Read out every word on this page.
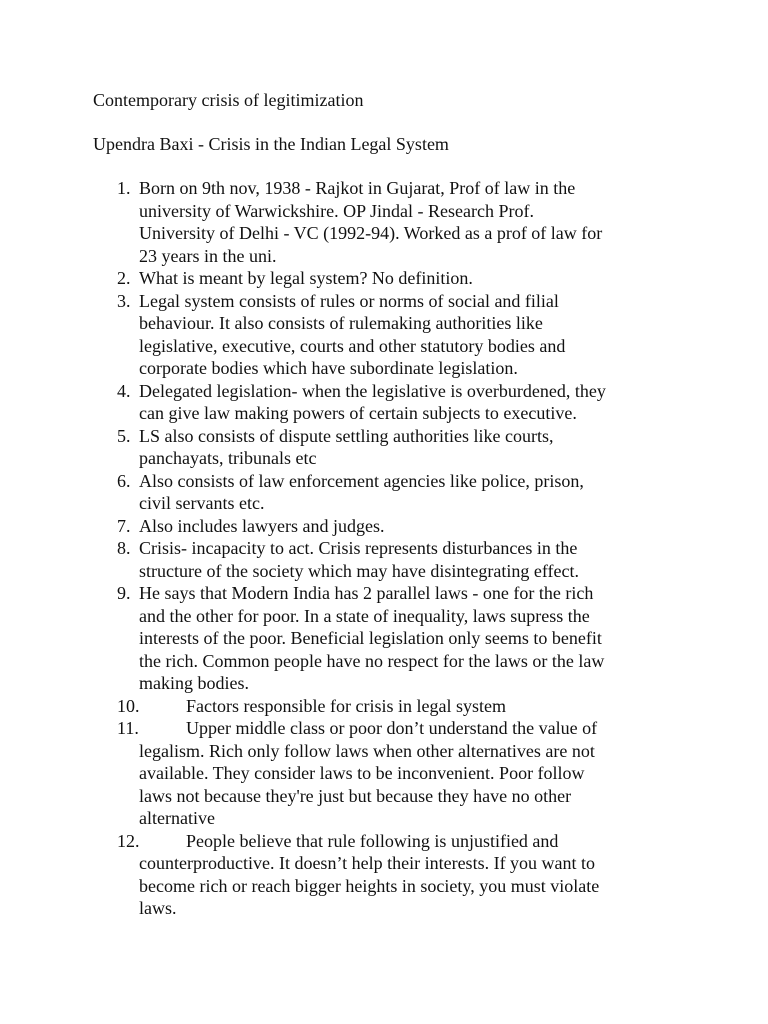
Contemporary crisis of legitimization

Upendra Baxi - Crisis in the Indian Legal System

1. Born on 9th nov, 1938 - Rajkot in Gujarat, Prof of law in the
university of Warwickshire. OP Jindal - Research Prof.
University of Delhi - VC (1992-94). Worked as a prof of law for
23 years in the uni.
2. What is meant by legal system? No definition.
3. Legal system consists of rules or norms of social and filial
behaviour. It also consists of rulemaking authorities like
legislative, executive, courts and other statutory bodies and
corporate bodies which have subordinate legislation.
4. Delegated legislation- when the legislative is overburdened, they
can give law making powers of certain subjects to executive.
5. LS also consists of dispute settling authorities like courts,
panchayats, tribunals etc
6. Also consists of law enforcement agencies like police, prison,
civil servants etc.
7. Also includes lawyers and judges.
8. Crisis- incapacity to act. Crisis represents disturbances in the
structure of the society which may have disintegrating effect.
9. He says that Modern India has 2 parallel laws - one for the rich
and the other for poor. In a state of inequality, laws supress the
interests of the poor. Beneficial legislation only seems to benefit
the rich. Common people have no respect for the laws or the law
making bodies.
10.	Factors responsible for crisis in legal system
11.	Upper middle class or poor don’t understand the value of
legalism. Rich only follow laws when other alternatives are not
available. They consider laws to be inconvenient. Poor follow
laws not because they're just but because they have no other
alternative
12.	People believe that rule following is unjustified and
counterproductive. It doesn’t help their interests. If you want to
become rich or reach bigger heights in society, you must violate
laws.
